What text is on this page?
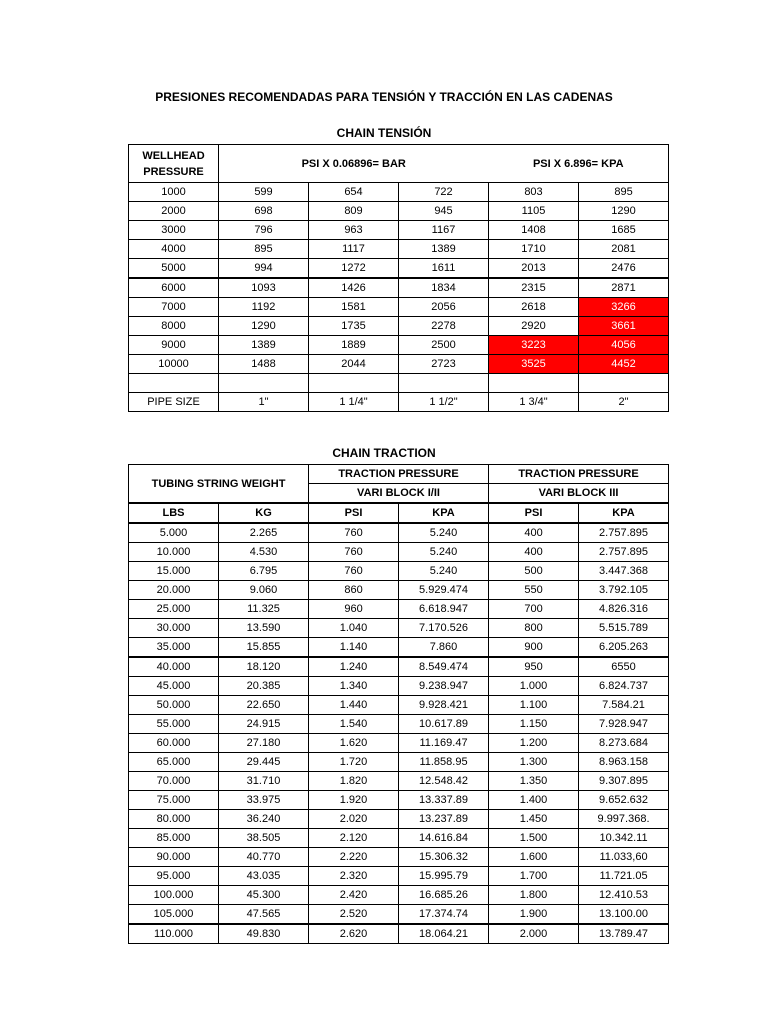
PRESIONES RECOMENDADAS PARA TENSIÓN Y TRACCIÓN EN LAS CADENAS
CHAIN TENSIÓN
WELLHEAD PRESSURE	PSI X 0.06896= BAR PSI X 6.896= KPA				

1000	599	654	722	803	895
2000	698	809	945	1105	1290
3000	796	963	1167	1408	1685
4000	895	1117	1389	1710	2081
5000	994	1272	1611	2013	2476
6000	1093	1426	1834	2315	2871
7000	1192	1581	2056	2618	3266
8000	1290	1735	2278	2920	3661
9000	1389	1889	2500	3223	4056
10000	1488	2044	2723	3525	4452

PIPE SIZE	1"	1 1/4"	1 1/2"	1 3/4"	2"
CHAIN TRACTION
TUBING STRING WEIGHT		TRACTION PRESSURE		TRACTION PRESSURE	
		VARI BLOCK I/II		VARI BLOCK III	
LBS	KG	PSI	KPA	PSI	KPA
5.000	2.265	760	5.240	400	2.757.895
10.000	4.530	760	5.240	400	2.757.895
15.000	6.795	760	5.240	500	3.447.368
20.000	9.060	860	5.929.474	550	3.792.105
25.000	11.325	960	6.618.947	700	4.826.316
30.000	13.590	1.040	7.170.526	800	5.515.789
35.000	15.855	1.140	7.860	900	6.205.263
40.000	18.120	1.240	8.549.474	950	6550
45.000	20.385	1.340	9.238.947	1.000	6.824.737
50.000	22.650	1.440	9.928.421	1.100	7.584.21
55.000	24.915	1.540	10.617.89	1.150	7.928.947
60.000	27.180	1.620	11.169.47	1.200	8.273.684
65.000	29.445	1.720	11.858.95	1.300	8.963.158
70.000	31.710	1.820	12.548.42	1.350	9.307.895
75.000	33.975	1.920	13.337.89	1.400	9.652.632
80.000	36.240	2.020	13.237.89	1.450	9.997.368.
85.000	38.505	2.120	14.616.84	1.500	10.342.11
90.000	40.770	2.220	15.306.32	1.600	11.033,60
95.000	43.035	2.320	15.995.79	1.700	11.721.05
100.000	45.300	2.420	16.685.26	1.800	12.410.53
105.000	47.565	2.520	17.374.74	1.900	13.100.00
110.000	49.830	2.620	18.064.21	2.000	13.789.47
